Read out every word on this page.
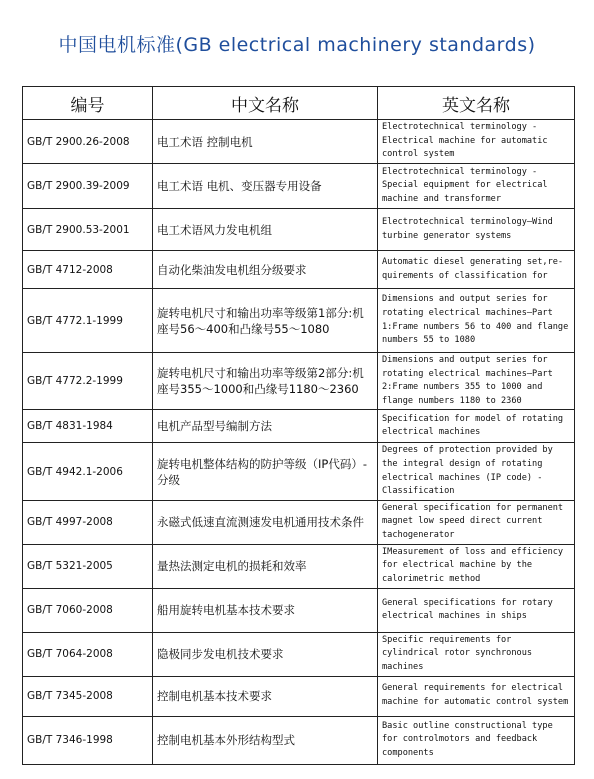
中国电机标准(GB electrical machinery standards)
编号	中文名称	英文名称
GB/T 2900.26-2008	电工术语 控制电机	Electrotechnical terminology - Electrical machine for automatic control system
GB/T 2900.39-2009	电工术语 电机、变压器专用设备	Electrotechnical terminology - Special equipment for electrical machine and transformer
GB/T 2900.53-2001	电工术语风力发电机组	Electrotechnical terminology—Wind turbine generator systems
GB/T 4712-2008	自动化柴油发电机组分级要求	Automatic diesel generating set,re-quirements of classification for
GB/T 4772.1-1999	旋转电机尺寸和输出功率等级第1部分:机座号56～400和凸缘号55～1080	Dimensions and output series for rotating electrical machines—Part 1:Frame numbers 56 to 400 and flange numbers 55 to 1080
GB/T 4772.2-1999	旋转电机尺寸和输出功率等级第2部分:机座号355～1000和凸缘号1180～2360	Dimensions and output series for rotating electrical machines—Part 2:Frame numbers 355 to 1000 and flange numbers 1180 to 2360
GB/T 4831-1984	电机产品型号编制方法	Specification for model of rotating electrical machines
GB/T 4942.1-2006	旋转电机整体结构的防护等级（IP代码）-分级	Degrees of protection provided by the integral design of rotating electrical machines (IP code) - Classification
GB/T 4997-2008	永磁式低速直流测速发电机通用技术条件	General specification for permanent magnet low speed direct current tachogenerator
GB/T 5321-2005	量热法测定电机的损耗和效率	IMeasurement of loss and efficiency for electrical machine by the calorimetric method
GB/T 7060-2008	船用旋转电机基本技术要求	General specifications for rotary electrical machines in ships
GB/T 7064-2008	隐极同步发电机技术要求	Specific requirements for cylindrical rotor synchronous machines
GB/T 7345-2008	控制电机基本技术要求	General requirements for electrical machine for automatic control system
GB/T 7346-1998	控制电机基本外形结构型式	Basic outline constructional type for controlmotors and feedback components
